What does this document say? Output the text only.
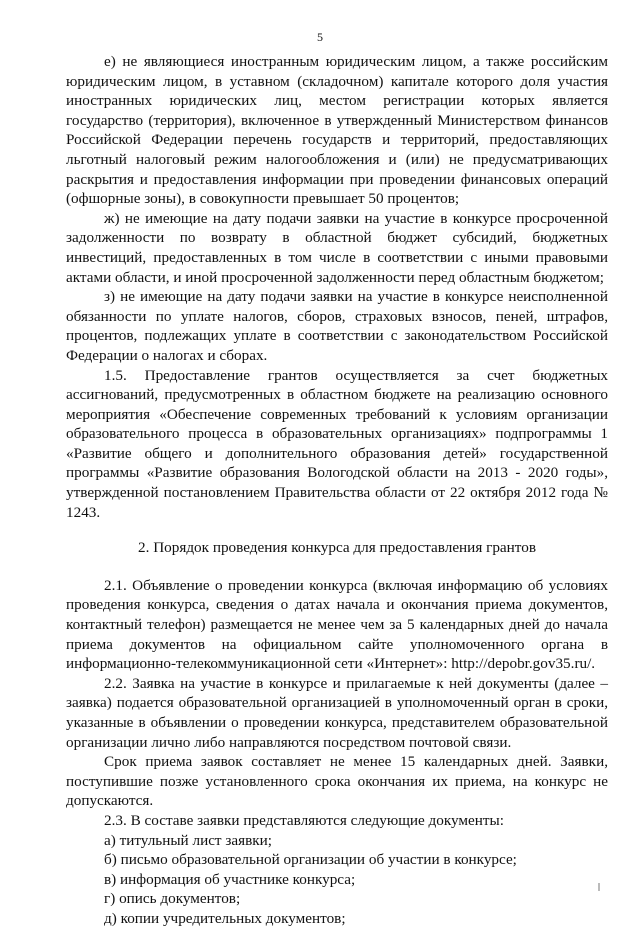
5

е) не являющиеся иностранным юридическим лицом, а также российским юридическим лицом, в уставном (складочном) капитале которого доля участия иностранных юридических лиц, местом регистрации которых является государство (территория), включенное в утвержденный Министерством финансов Российской Федерации перечень государств и территорий, предоставляющих льготный налоговый режим налогообложения и (или) не предусматривающих раскрытия и предоставления информации при проведении финансовых операций (офшорные зоны), в совокупности превышает 50 процентов;

ж) не имеющие на дату подачи заявки на участие в конкурсе просроченной задолженности по возврату в областной бюджет субсидий, бюджетных инвестиций, предоставленных в том числе в соответствии с иными правовыми актами области, и иной просроченной задолженности перед областным бюджетом;

з) не имеющие на дату подачи заявки на участие в конкурсе неисполненной обязанности по уплате налогов, сборов, страховых взносов, пеней, штрафов, процентов, подлежащих уплате в соответствии с законодательством Российской Федерации о налогах и сборах.

1.5. Предоставление грантов осуществляется за счет бюджетных ассигнований, предусмотренных в областном бюджете на реализацию основного мероприятия «Обеспечение современных требований к условиям организации образовательного процесса в образовательных организациях» подпрограммы 1 «Развитие общего и дополнительного образования детей» государственной программы «Развитие образования Вологодской области на 2013 - 2020 годы», утвержденной постановлением Правительства области от 22 октября 2012 года № 1243.

2. Порядок проведения конкурса для предоставления грантов

2.1. Объявление о проведении конкурса (включая информацию об условиях проведения конкурса, сведения о датах начала и окончания приема документов, контактный телефон) размещается не менее чем за 5 календарных дней до начала приема документов на официальном сайте уполномоченного органа в информационно-телекоммуникационной сети «Интернет»: http://depobr.gov35.ru/.

2.2. Заявка на участие в конкурсе и прилагаемые к ней документы (далее – заявка) подается образовательной организацией в уполномоченный орган в сроки, указанные в объявлении о проведении конкурса, представителем образовательной организации лично либо направляются посредством почтовой связи.

Срок приема заявок составляет не менее 15 календарных дней. Заявки, поступившие позже установленного срока окончания их приема, на конкурс не допускаются.

2.3. В составе заявки представляются следующие документы:

а) титульный лист заявки;

б) письмо образовательной организации об участии в конкурсе;

в) информация об участнике конкурса;

г) опись документов;

д) копии учредительных документов;
